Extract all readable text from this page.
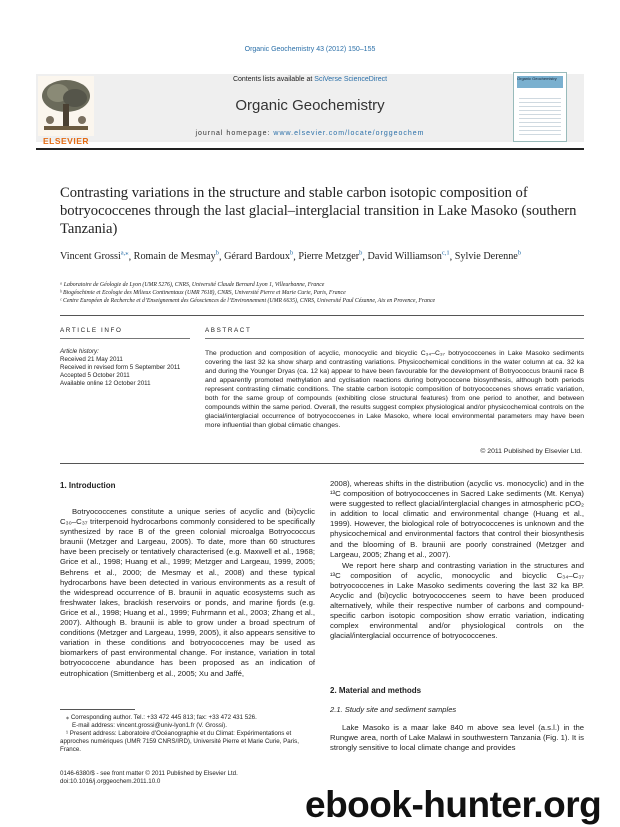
Organic Geochemistry 43 (2012) 150–155
ELSEVIER
Contents lists available at SciVerse ScienceDirect
Organic Geochemistry
journal homepage: www.elsevier.com/locate/orggeochem
Organic Geochemistry
Contrasting variations in the structure and stable carbon isotopic composition of botryococcenes through the last glacial–interglacial transition in Lake Masoko (southern Tanzania)
Vincent Grossi$^{a,⁎}$, Romain de Mesmay$^b$, Gérard Bardoux$^b$, Pierre Metzger$^b$, David Williamson$^{c,1}$, Sylvie Derenne$^b$
ᵃ Laboratoire de Géologie de Lyon (UMR 5276), CNRS, Université Claude Bernard Lyon 1, Villeurbanne, France
ᵇ Biogéochimie et Ecologie des Milieux Continentaux (UMR 7618), CNRS, Université Pierre et Marie Curie, Paris, France
ᶜ Centre Européen de Recherche et d’Enseignement des Géosciences de l’Environnement (UMR 6635), CNRS, Université Paul Cézanne, Aix en Provence, France
ARTICLE INFO	ABSTRACT
Article history:
Received 21 May 2011
Received in revised form 5 September 2011
Accepted 5 October 2011
Available online 12 October 2011
The production and composition of acyclic, monocyclic and bicyclic C₃₄–C₃₇ botryococcenes in Lake Masoko sediments covering the last 32 ka show sharp and contrasting variations. Physicochemical conditions in the water column at ca. 32 ka and during the Younger Dryas (ca. 12 ka) appear to have been favourable for the development of Botryococcus braunii race B and apparently promoted methylation and cyclisation reactions during botryococcene biosynthesis, although both periods represent contrasting climatic conditions. The stable carbon isotopic composition of botryococcenes shows erratic variation, both for the same group of compounds (exhibiting close structural features) from one period to another, and between compounds within the same period. Overall, the results suggest complex physiological and/or physicochemical controls on the glacial/interglacial occurrence of botryococcenes in Lake Masoko, where local environmental parameters may have been more influential than global climatic changes.
© 2011 Published by Elsevier Ltd.
1. Introduction
Botryococcenes constitute a unique series of acyclic and (bi)cyclic C₃₀–C₃₇ triterpenoid hydrocarbons commonly considered to be specifically synthesized by race B of the green colonial microalga Botryococcus braunii (Metzger and Largeau, 2005). To date, more than 60 structures have been precisely or tentatively characterised (e.g. Maxwell et al., 1968; Grice et al., 1998; Huang et al., 1999; Metzger and Largeau, 1999, 2005; Behrens et al., 2000; de Mesmay et al., 2008) and these typical hydrocarbons have been detected in various environments as a result of the widespread occurrence of B. braunii in aquatic ecosystems such as freshwater lakes, brackish reservoirs or ponds, and marine fjords (e.g. Grice et al., 1998; Huang et al., 1999; Fuhrmann et al., 2003; Zhang et al., 2007). Although B. braunii is able to grow under a broad spectrum of conditions (Metzger and Largeau, 1999, 2005), it also appears sensitive to variation in these conditions and botryococcenes may be used as biomarkers of past environmental change. For instance, variation in total botryococcene abundance has been proposed as an indication of eutrophication (Smittenberg et al., 2005; Xu and Jaffé,
2008), whereas shifts in the distribution (acyclic vs. monocyclic) and in the ¹³C composition of botryococcenes in Sacred Lake sediments (Mt. Kenya) were suggested to reflect glacial/interglacial changes in atmospheric pCO₂ in addition to local climatic and environmental change (Huang et al., 1999). However, the biological role of botryococcenes is unknown and the physicochemical and environmental factors that control their biosynthesis and the blooming of B. braunii are poorly constrained (Metzger and Largeau, 2005; Zhang et al., 2007).
We report here sharp and contrasting variation in the structures and ¹³C composition of acyclic, monocyclic and bicyclic C₃₄–C₃₇ botryococcenes in Lake Masoko sediments covering the last 32 ka BP. Acyclic and (bi)cyclic botryococcenes seem to have been produced alternatively, while their respective number of carbons and compound-specific carbon isotopic composition show erratic variation, indicating complex environmental and/or physiological controls on the glacial/interglacial occurrence of botryococcenes.
2. Material and methods
2.1. Study site and sediment samples
Lake Masoko is a maar lake 840 m above sea level (a.s.l.) in the Rungwe area, north of Lake Malawi in southwestern Tanzania (Fig. 1). It is strongly sensitive to local climate change and provides
⁎ Corresponding author. Tel.: +33 472 445 813; fax: +33 472 431 526.
E-mail address: vincent.grossi@univ-lyon1.fr (V. Grossi).
¹ Present address: Laboratoire d’Océanographie et du Climat: Expérimentations et approches numériques (UMR 7159 CNRS/IRD), Université Pierre et Marie Curie, Paris, France.
0146-6380/$ - see front matter © 2011 Published by Elsevier Ltd.
doi:10.1016/j.orggeochem.2011.10.0
ebook-hunter.org
